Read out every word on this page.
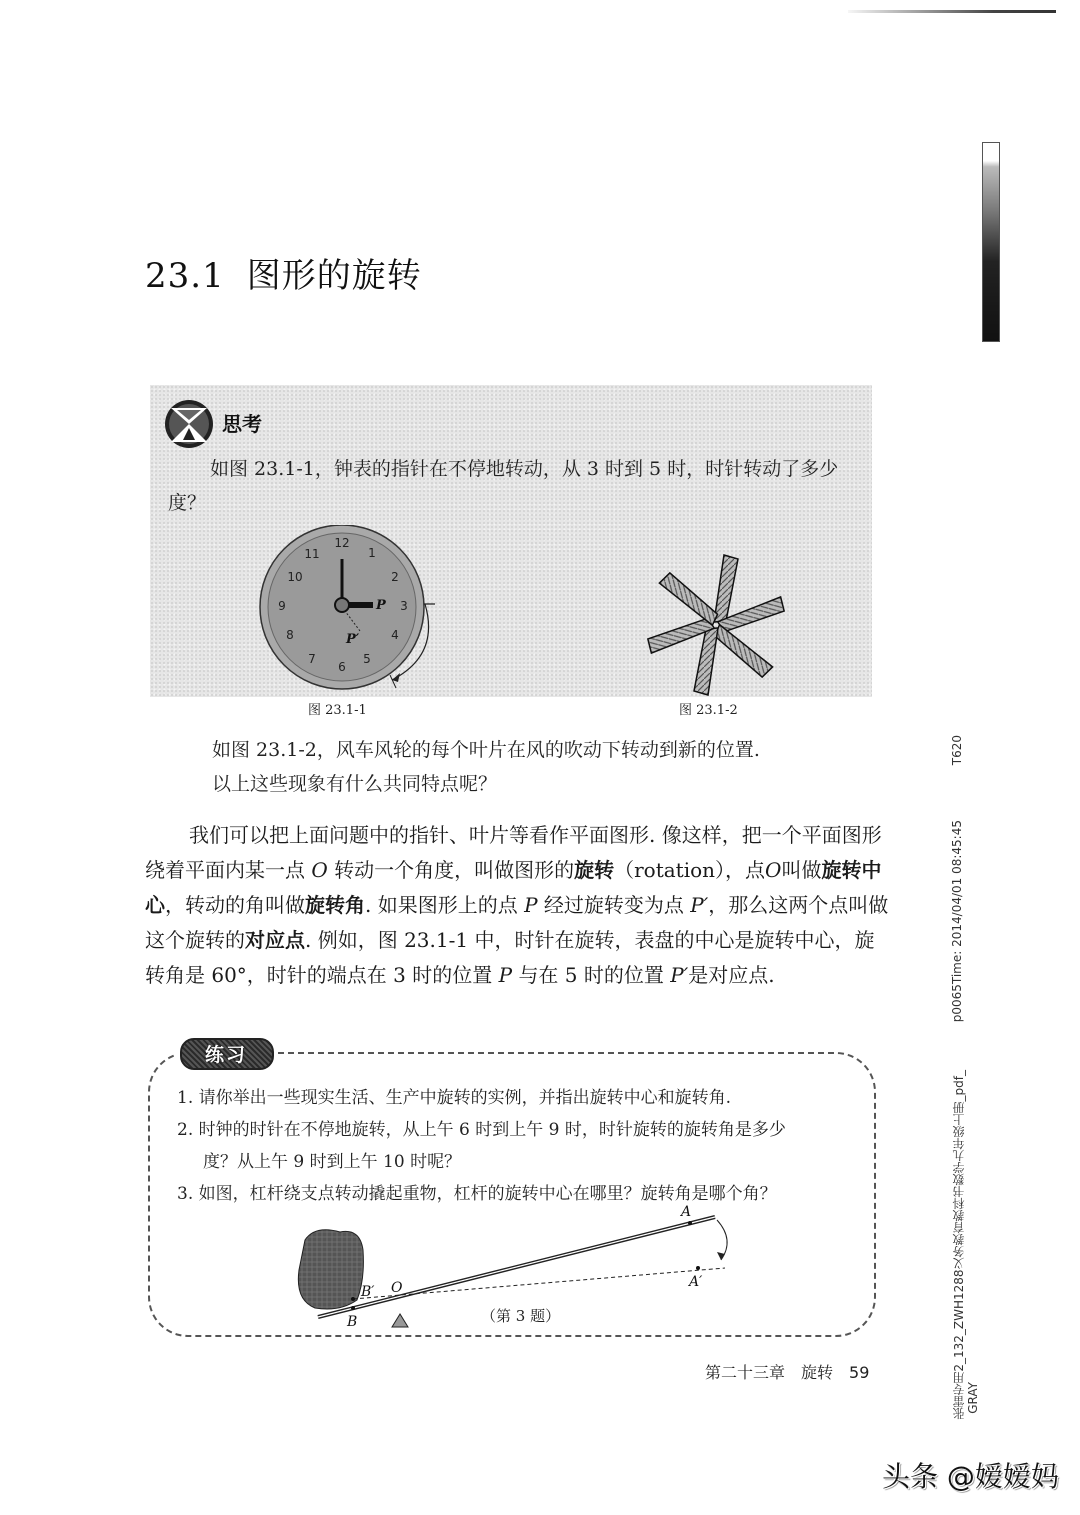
23.1 图形的旋转
思考
如图 23.1-1，钟表的指针在不停地转动，从 3 时到 5 时，时针转动了多少度？
12
1
2
3
4
5
6
7
8
9
10
11
P
P′
图 23.1-1	图 23.1-2
如图 23.1-2，风车风轮的每个叶片在风的吹动下转动到新的位置.
以上这些现象有什么共同特点呢？
我们可以把上面问题中的指针、叶片等看作平面图形. 像这样，把一个平面图形绕着平面内某一点 O 转动一个角度，叫做图形的旋转（rotation），点O叫做旋转中心，转动的角叫做旋转角. 如果图形上的点 P 经过旋转变为点 P′，那么这两个点叫做这个旋转的对应点. 例如，图 23.1-1 中，时针在旋转，表盘的中心是旋转中心，旋转角是 60°，时针的端点在 3 时的位置 P 与在 5 时的位置 P′是对应点.
练习
1. 请你举出一些现实生活、生产中旋转的实例，并指出旋转中心和旋转角.
2. 时钟的时针在不停地旋转，从上午 6 时到上午 9 时，时针旋转的旋转角是多少
度？从上午 9 时到上午 10 时呢？
3. 如图，杠杆绕支点转动撬起重物，杠杆的旋转中心在哪里？旋转角是哪个角？
A
A′
B
B′ O
（第 3 题）
第二十三章 旋转 59
T620
p0065Time: 2014/04/01 08:45:45
张雷专用2_132_ZWH1288义务教育教科书数学九年级上册_pdf_ GRAY
头条 @嫒嫒妈
